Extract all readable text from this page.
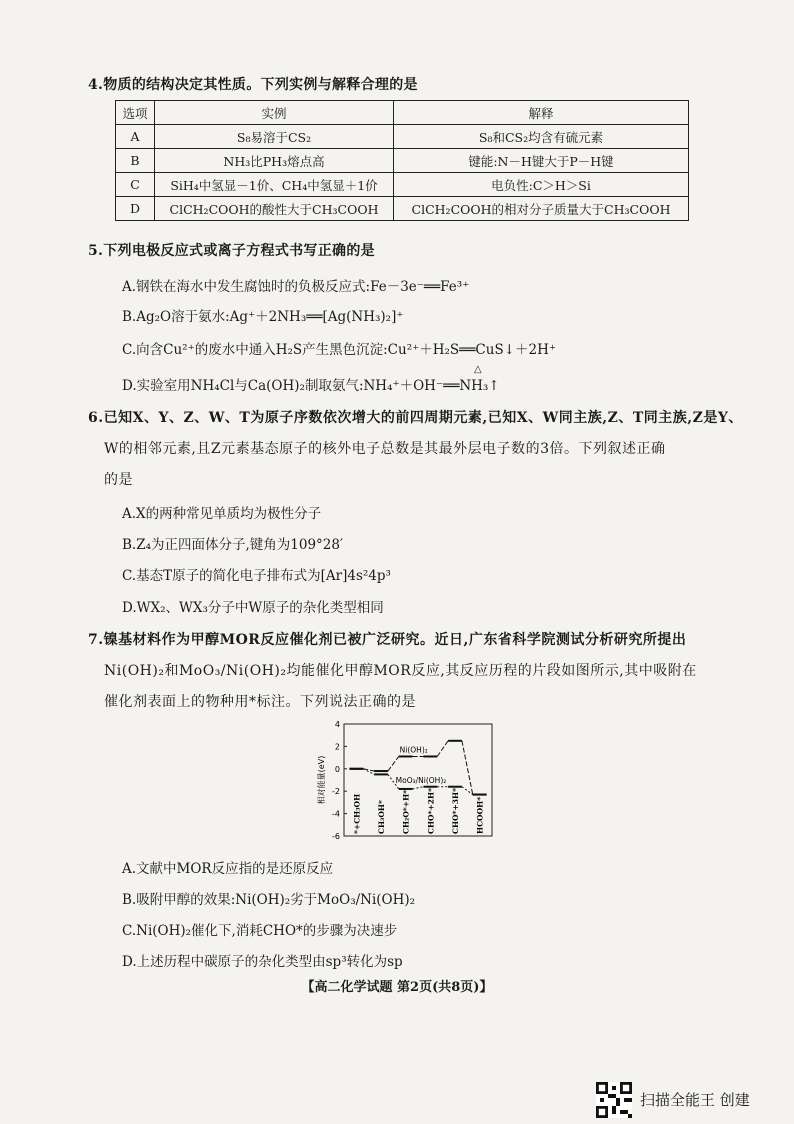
4.物质的结构决定其性质。下列实例与解释合理的是
选项	实例	解释
A	S₈易溶于CS₂	S₈和CS₂均含有硫元素
B	NH₃比PH₃熔点高	键能:N－H键大于P－H键
C	SiH₄中氢显－1价、CH₄中氢显＋1价	电负性:C＞H＞Si
D	ClCH₂COOH的酸性大于CH₃COOH	ClCH₂COOH的相对分子质量大于CH₃COOH
5.下列电极反应式或离子方程式书写正确的是
A.钢铁在海水中发生腐蚀时的负极反应式:Fe－3e⁻══Fe³⁺
B.Ag₂O溶于氨水:Ag⁺＋2NH₃══[Ag(NH₃)₂]⁺
C.向含Cu²⁺的废水中通入H₂S产生黑色沉淀:Cu²⁺＋H₂S══CuS↓＋2H⁺
△
D.实验室用NH₄Cl与Ca(OH)₂制取氨气:NH₄⁺＋OH⁻══NH₃↑
6.已知X、Y、Z、W、T为原子序数依次增大的前四周期元素,已知X、W同主族,Z、T同主族,Z是Y、
W的相邻元素,且Z元素基态原子的核外电子总数是其最外层电子数的3倍。下列叙述正确
的是
A.X的两种常见单质均为极性分子
B.Z₄为正四面体分子,键角为109°28′
C.基态T原子的简化电子排布式为[Ar]4s²4p³
D.WX₂、WX₃分子中W原子的杂化类型相同
7.镍基材料作为甲醇MOR反应催化剂已被广泛研究。近日,广东省科学院测试分析研究所提出
Ni(OH)₂和MoO₃/Ni(OH)₂均能催化甲醇MOR反应,其反应历程的片段如图所示,其中吸附在
催化剂表面上的物种用*标注。下列说法正确的是
4
2
0
-2
-4
-6
相对能量(eV)
Ni(OH)₂
MoO₃/Ni(OH)₂
*+CH₃OH CH₃OH* CH₂O*+H* CHO*+2H* CHO*+3H* HCOOH*
A.文献中MOR反应指的是还原反应
B.吸附甲醇的效果:Ni(OH)₂劣于MoO₃/Ni(OH)₂
C.Ni(OH)₂催化下,消耗CHO*的步骤为决速步
D.上述历程中碳原子的杂化类型由sp³转化为sp
【高二化学试题 第2页(共8页)】
扫描全能王 创建
